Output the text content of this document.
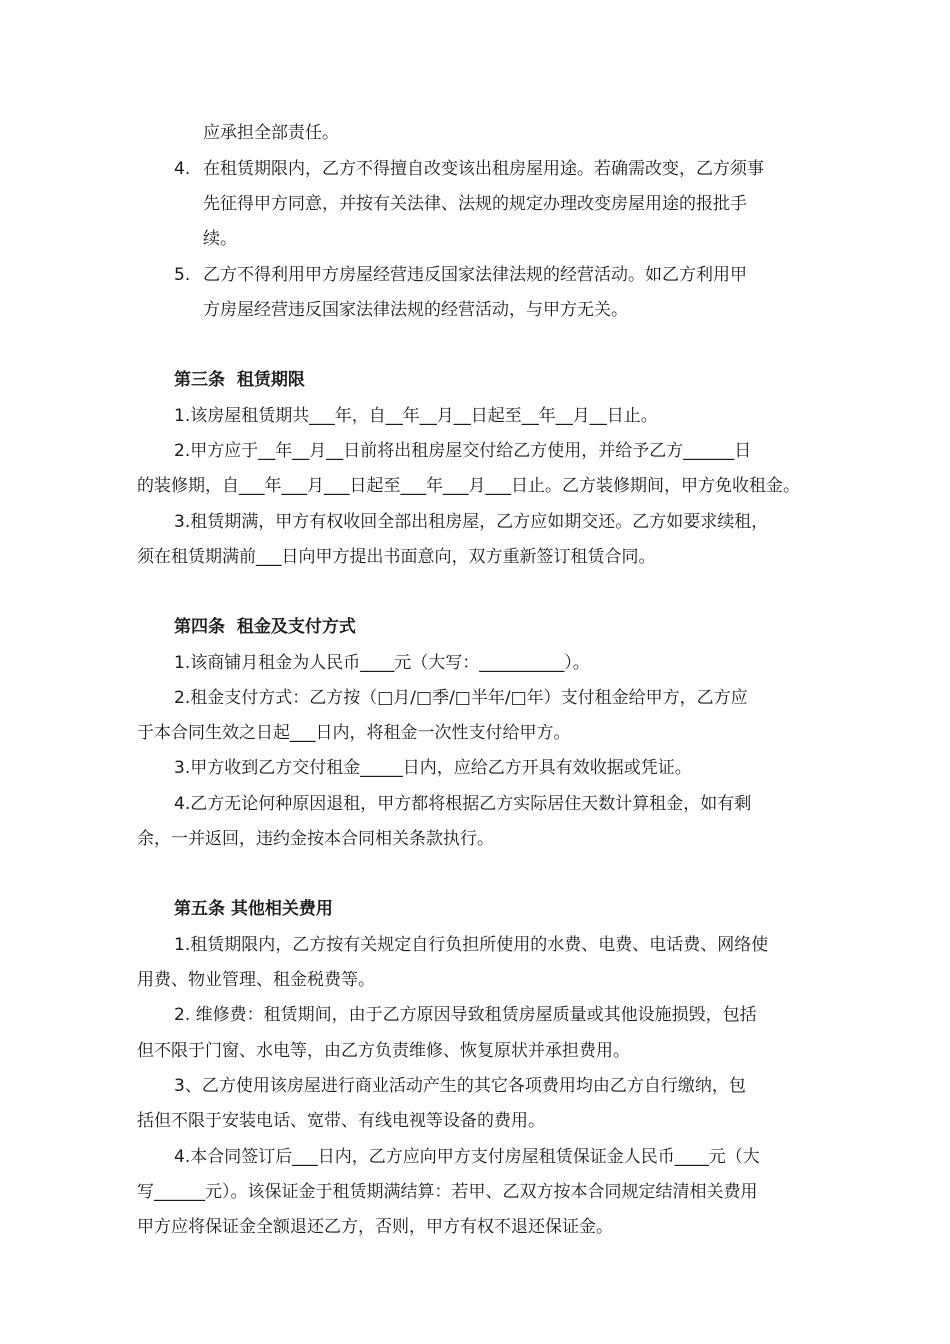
应承担全部责任。
4. 在租赁期限内，乙方不得擅自改变该出租房屋用途。若确需改变，乙方须事
先征得甲方同意，并按有关法律、法规的规定办理改变房屋用途的报批手
续。
5. 乙方不得利用甲方房屋经营违反国家法律法规的经营活动。如乙方利用甲
方房屋经营违反国家法律法规的经营活动，与甲方无关。
第三条  租赁期限
1.该房屋租赁期共___年，自__年__月__日起至__年__月__日止。
2.甲方应于__年__月__日前将出租房屋交付给乙方使用，并给予乙方______日
的装修期，自___年___月___日起至___年___月___日止。乙方装修期间，甲方免收租金。
3.租赁期满，甲方有权收回全部出租房屋，乙方应如期交还。乙方如要求续租，
须在租赁期满前___日向甲方提出书面意向，双方重新签订租赁合同。
第四条  租金及支付方式
1.该商铺月租金为人民币____元（大写：__________）。
2.租金支付方式：乙方按（□月/□季/□半年/□年）支付租金给甲方，乙方应
于本合同生效之日起___日内，将租金一次性支付给甲方。
3.甲方收到乙方交付租金_____日内，应给乙方开具有效收据或凭证。
4.乙方无论何种原因退租，甲方都将根据乙方实际居住天数计算租金，如有剩
余，一并返回，违约金按本合同相关条款执行。
第五条 其他相关费用
1.租赁期限内，乙方按有关规定自行负担所使用的水费、电费、电话费、网络使
用费、物业管理、租金税费等。
2. 维修费：租赁期间，由于乙方原因导致租赁房屋质量或其他设施损毁，包括
但不限于门窗、水电等，由乙方负责维修、恢复原状并承担费用。
3、乙方使用该房屋进行商业活动产生的其它各项费用均由乙方自行缴纳，包
括但不限于安装电话、宽带、有线电视等设备的费用。
4.本合同签订后___日内，乙方应向甲方支付房屋租赁保证金人民币____元（大
写______元）。该保证金于租赁期满结算：若甲、乙双方按本合同规定结清相关费用
甲方应将保证金全额退还乙方，否则，甲方有权不退还保证金。
